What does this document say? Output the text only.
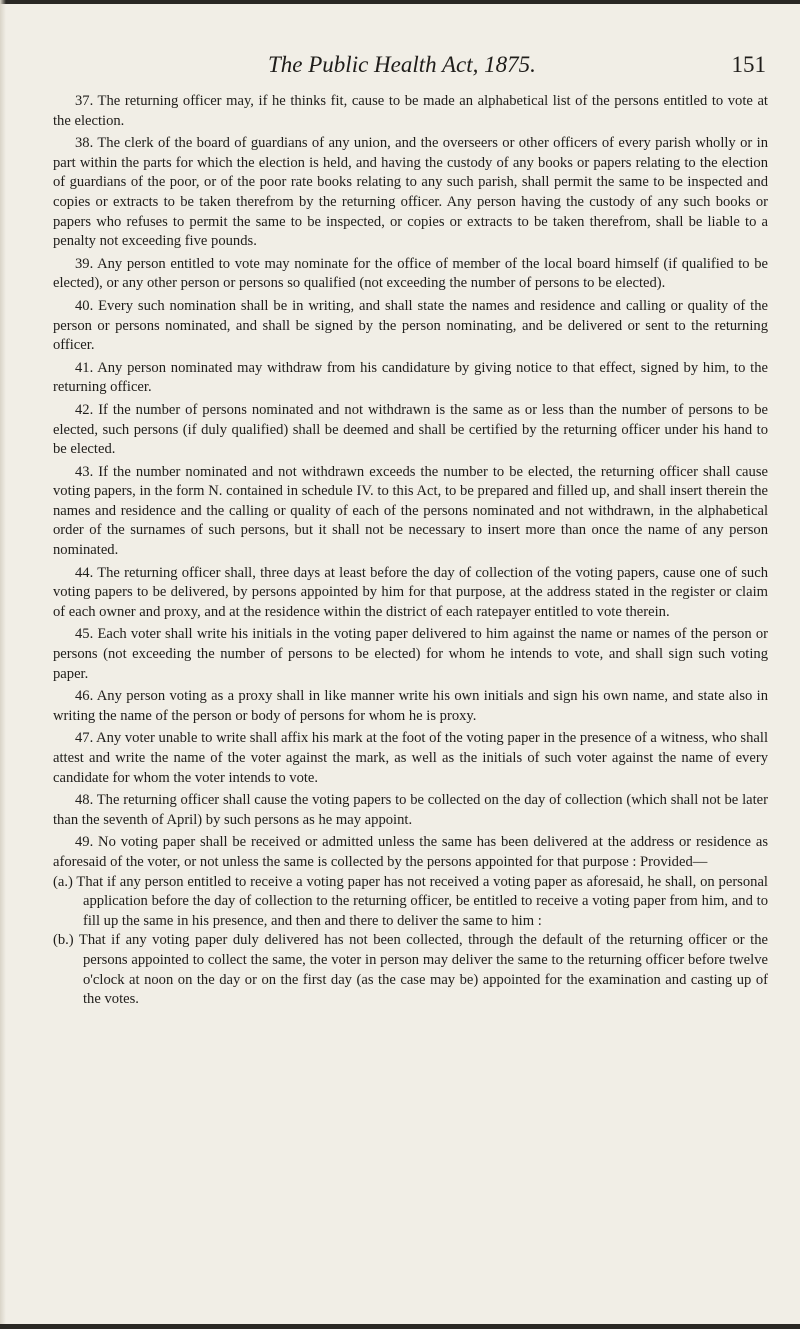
The Public Health Act, 1875.	151

37. The returning officer may, if he thinks fit, cause to be made an alphabetical list of the persons entitled to vote at the election.

38. The clerk of the board of guardians of any union, and the overseers or other officers of every parish wholly or in part within the parts for which the election is held, and having the custody of any books or papers relating to the election of guardians of the poor, or of the poor rate books relating to any such parish, shall permit the same to be inspected and copies or extracts to be taken therefrom by the returning officer. Any person having the custody of any such books or papers who refuses to permit the same to be inspected, or copies or extracts to be taken therefrom, shall be liable to a penalty not exceeding five pounds.

39. Any person entitled to vote may nominate for the office of member of the local board himself (if qualified to be elected), or any other person or persons so qualified (not exceeding the number of persons to be elected).

40. Every such nomination shall be in writing, and shall state the names and residence and calling or quality of the person or persons nominated, and shall be signed by the person nominating, and be delivered or sent to the returning officer.

41. Any person nominated may withdraw from his candidature by giving notice to that effect, signed by him, to the returning officer.

42. If the number of persons nominated and not withdrawn is the same as or less than the number of persons to be elected, such persons (if duly qualified) shall be deemed and shall be certified by the returning officer under his hand to be elected.

43. If the number nominated and not withdrawn exceeds the number to be elected, the returning officer shall cause voting papers, in the form N. contained in schedule IV. to this Act, to be prepared and filled up, and shall insert therein the names and residence and the calling or quality of each of the persons nominated and not withdrawn, in the alphabetical order of the surnames of such persons, but it shall not be necessary to insert more than once the name of any person nominated.

44. The returning officer shall, three days at least before the day of collection of the voting papers, cause one of such voting papers to be delivered, by persons appointed by him for that purpose, at the address stated in the register or claim of each owner and proxy, and at the residence within the district of each ratepayer entitled to vote therein.

45. Each voter shall write his initials in the voting paper delivered to him against the name or names of the person or persons (not exceeding the number of persons to be elected) for whom he intends to vote, and shall sign such voting paper.

46. Any person voting as a proxy shall in like manner write his own initials and sign his own name, and state also in writing the name of the person or body of persons for whom he is proxy.

47. Any voter unable to write shall affix his mark at the foot of the voting paper in the presence of a witness, who shall attest and write the name of the voter against the mark, as well as the initials of such voter against the name of every candidate for whom the voter intends to vote.

48. The returning officer shall cause the voting papers to be collected on the day of collection (which shall not be later than the seventh of April) by such persons as he may appoint.

49. No voting paper shall be received or admitted unless the same has been delivered at the address or residence as aforesaid of the voter, or not unless the same is collected by the persons appointed for that purpose : Provided—

(a.) That if any person entitled to receive a voting paper has not received a voting paper as aforesaid, he shall, on personal application before the day of collection to the returning officer, be entitled to receive a voting paper from him, and to fill up the same in his presence, and then and there to deliver the same to him :

(b.) That if any voting paper duly delivered has not been collected, through the default of the returning officer or the persons appointed to collect the same, the voter in person may deliver the same to the returning officer before twelve o'clock at noon on the day or on the first day (as the case may be) appointed for the examination and casting up of the votes.
